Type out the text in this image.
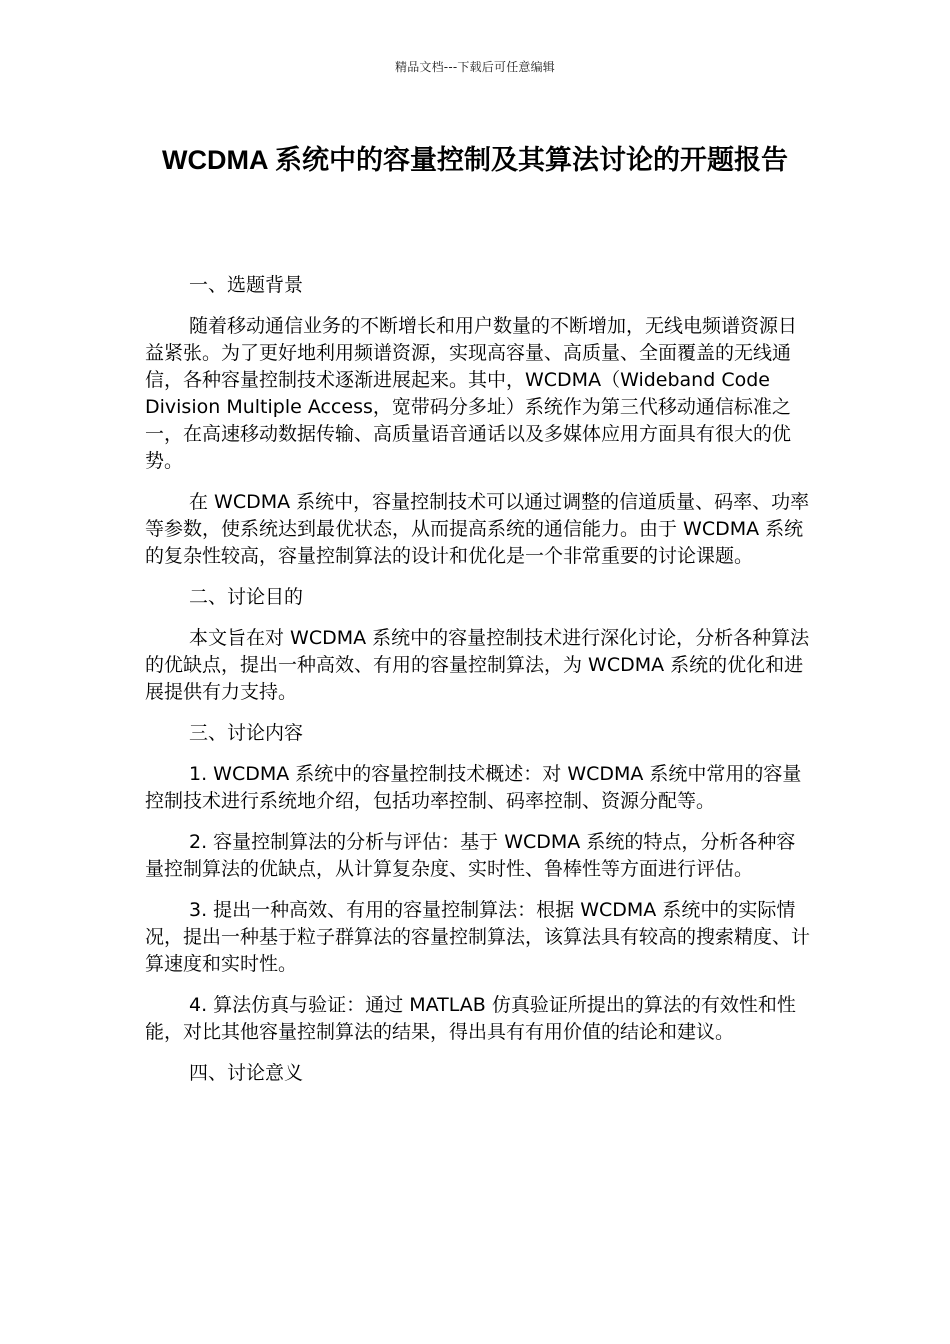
精品文档---下载后可任意编辑
WCDMA 系统中的容量控制及其算法讨论的开题报告

一、选题背景

随着移动通信业务的不断增长和用户数量的不断增加，无线电频谱资源日益紧张。为了更好地利用频谱资源，实现高容量、高质量、全面覆盖的无线通信，各种容量控制技术逐渐进展起来。其中，WCDMA（Wideband Code Division Multiple Access，宽带码分多址）系统作为第三代移动通信标准之一，在高速移动数据传输、高质量语音通话以及多媒体应用方面具有很大的优势。

在 WCDMA 系统中，容量控制技术可以通过调整的信道质量、码率、功率等参数，使系统达到最优状态，从而提高系统的通信能力。由于 WCDMA 系统的复杂性较高，容量控制算法的设计和优化是一个非常重要的讨论课题。

二、讨论目的

本文旨在对 WCDMA 系统中的容量控制技术进行深化讨论，分析各种算法的优缺点，提出一种高效、有用的容量控制算法，为 WCDMA 系统的优化和进展提供有力支持。

三、讨论内容

1. WCDMA 系统中的容量控制技术概述：对 WCDMA 系统中常用的容量控制技术进行系统地介绍，包括功率控制、码率控制、资源分配等。

2. 容量控制算法的分析与评估：基于 WCDMA 系统的特点，分析各种容量控制算法的优缺点，从计算复杂度、实时性、鲁棒性等方面进行评估。

3. 提出一种高效、有用的容量控制算法：根据 WCDMA 系统中的实际情况，提出一种基于粒子群算法的容量控制算法，该算法具有较高的搜索精度、计算速度和实时性。

4. 算法仿真与验证：通过 MATLAB 仿真验证所提出的算法的有效性和性能，对比其他容量控制算法的结果，得出具有有用价值的结论和建议。

四、讨论意义
